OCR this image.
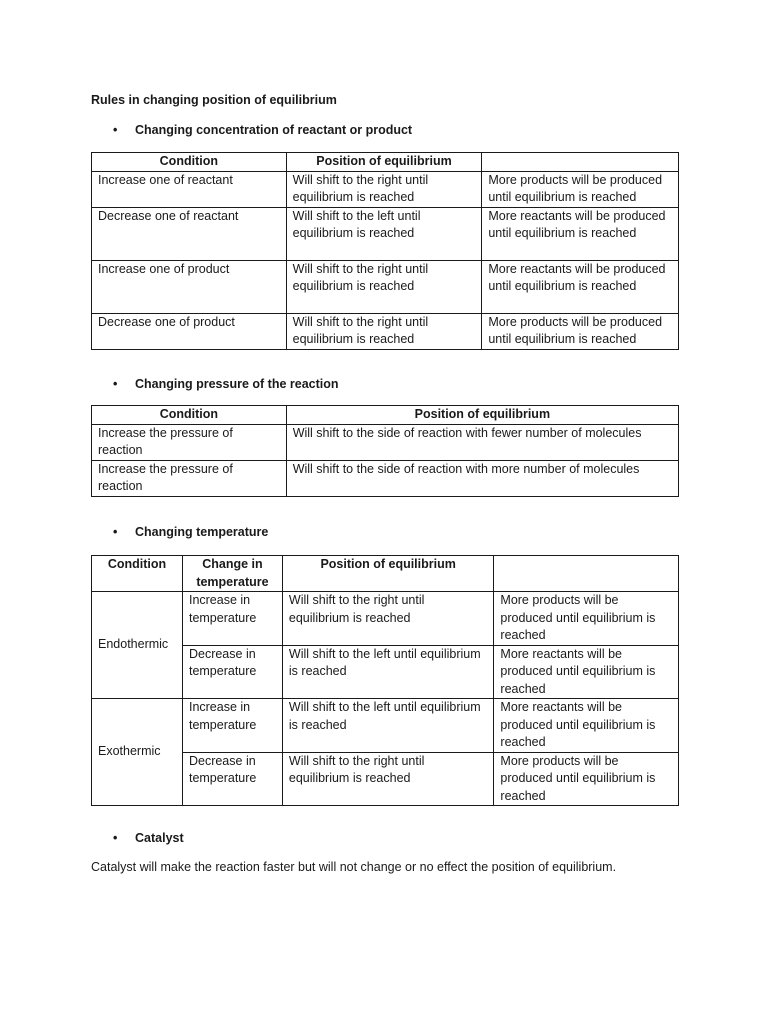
Rules in changing position of equilibrium
• Changing concentration of reactant or product
Condition	Position of equilibrium	
Increase one of reactant	Will shift to the right until equilibrium is reached	More products will be produced until equilibrium is reached
Decrease one of reactant	Will shift to the left until equilibrium is reached	More reactants will be produced until equilibrium is reached
Increase one of product	Will shift to the right until equilibrium is reached	More reactants will be produced until equilibrium is reached
Decrease one of product	Will shift to the right until equilibrium is reached	More products will be produced until equilibrium is reached
• Changing pressure of the reaction
Condition	Position of equilibrium
Increase the pressure of reaction	Will shift to the side of reaction with fewer number of molecules
Increase the pressure of reaction	Will shift to the side of reaction with more number of molecules
• Changing temperature
Condition	Change in temperature	Position of equilibrium	
Endothermic	Increase in temperature	Will shift to the right until equilibrium is reached	More products will be produced until equilibrium is reached
	Decrease in temperature	Will shift to the left until equilibrium is reached	More reactants will be produced until equilibrium is reached
Exothermic	Increase in temperature	Will shift to the left until equilibrium is reached	More reactants will be produced until equilibrium is reached
	Decrease in temperature	Will shift to the right until equilibrium is reached	More products will be produced until equilibrium is reached
• Catalyst
Catalyst will make the reaction faster but will not change or no effect the position of equilibrium.
